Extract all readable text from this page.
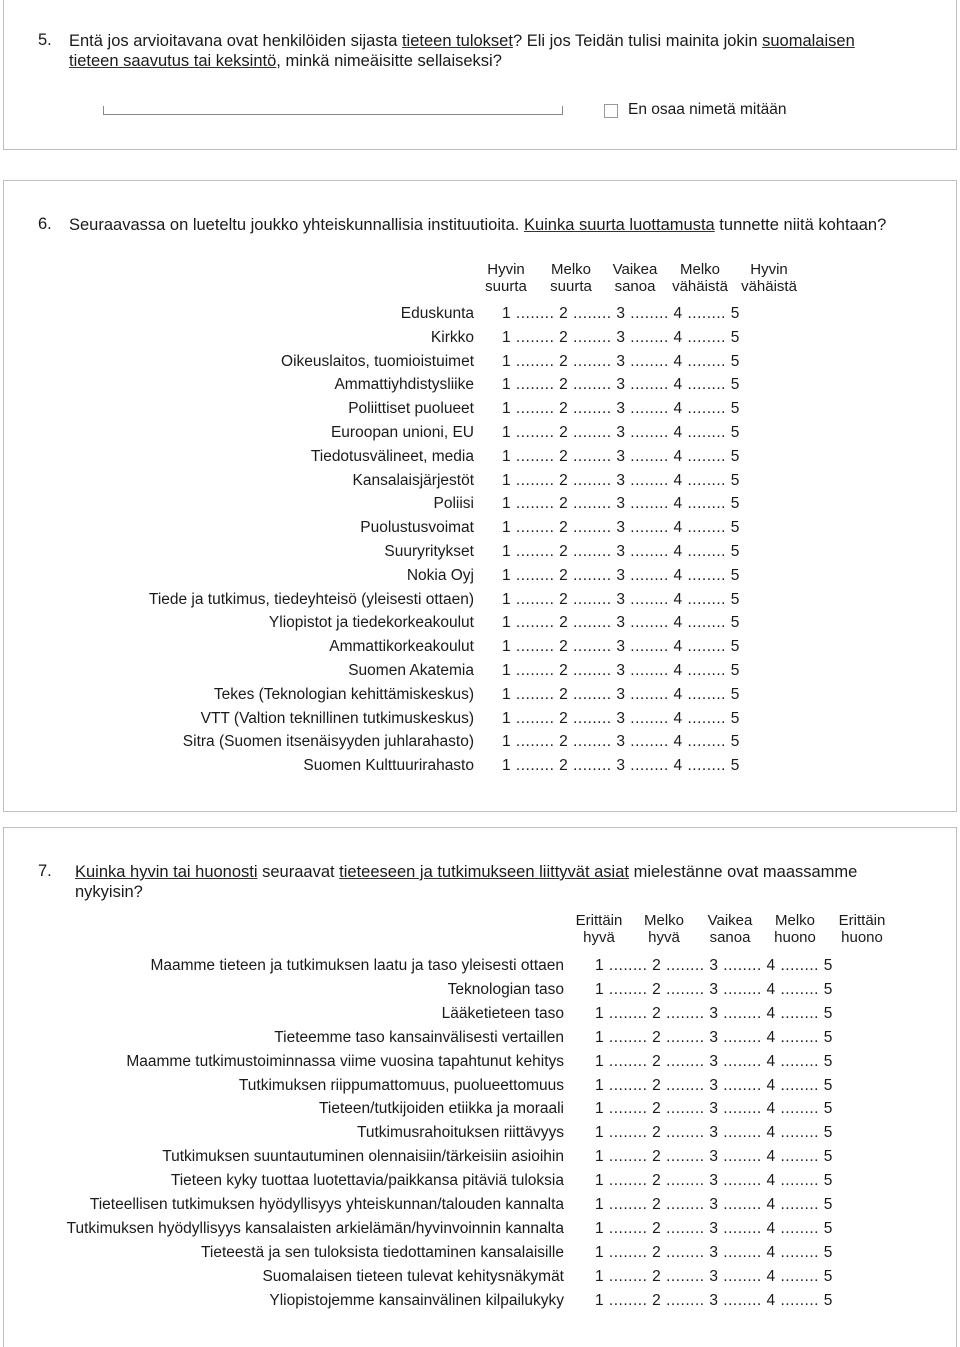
5. Entä jos arvioitavana ovat henkilöiden sijasta tieteen tulokset? Eli jos Teidän tulisi mainita jokin suomalaisen
tieteen saavutus tai keksintö, minkä nimeäisitte sellaiseksi?
En osaa nimetä mitään
6. Seuraavassa on lueteltu joukko yhteiskunnallisia instituutioita. Kuinka suurta luottamusta tunnette niitä kohtaan?
Hyvin
suurta
Melko
suurta
Vaikea
sanoa
Melko
vähäistä
Hyvin
vähäistä
Eduskunta 1 ........ 2 ........ 3 ........ 4 ........ 5
Kirkko 1 ........ 2 ........ 3 ........ 4 ........ 5
Oikeuslaitos, tuomioistuimet 1 ........ 2 ........ 3 ........ 4 ........ 5
Ammattiyhdistysliike 1 ........ 2 ........ 3 ........ 4 ........ 5
Poliittiset puolueet 1 ........ 2 ........ 3 ........ 4 ........ 5
Euroopan unioni, EU 1 ........ 2 ........ 3 ........ 4 ........ 5
Tiedotusvälineet, media 1 ........ 2 ........ 3 ........ 4 ........ 5
Kansalaisjärjestöt 1 ........ 2 ........ 3 ........ 4 ........ 5
Poliisi 1 ........ 2 ........ 3 ........ 4 ........ 5
Puolustusvoimat 1 ........ 2 ........ 3 ........ 4 ........ 5
Suuryritykset 1 ........ 2 ........ 3 ........ 4 ........ 5
Nokia Oyj 1 ........ 2 ........ 3 ........ 4 ........ 5
Tiede ja tutkimus, tiedeyhteisö (yleisesti ottaen) 1 ........ 2 ........ 3 ........ 4 ........ 5
Yliopistot ja tiedekorkeakoulut 1 ........ 2 ........ 3 ........ 4 ........ 5
Ammattikorkeakoulut 1 ........ 2 ........ 3 ........ 4 ........ 5
Suomen Akatemia 1 ........ 2 ........ 3 ........ 4 ........ 5
Tekes (Teknologian kehittämiskeskus) 1 ........ 2 ........ 3 ........ 4 ........ 5
VTT (Valtion teknillinen tutkimuskeskus) 1 ........ 2 ........ 3 ........ 4 ........ 5
Sitra (Suomen itsenäisyyden juhlarahasto) 1 ........ 2 ........ 3 ........ 4 ........ 5
Suomen Kulttuurirahasto 1 ........ 2 ........ 3 ........ 4 ........ 5
7. Kuinka hyvin tai huonosti seuraavat tieteeseen ja tutkimukseen liittyvät asiat mielestänne ovat maassamme
nykyisin?
Erittäin
hyvä
Melko
hyvä
Vaikea
sanoa
Melko
huono
Erittäin
huono
Maamme tieteen ja tutkimuksen laatu ja taso yleisesti ottaen 1 ........ 2 ........ 3 ........ 4 ........ 5
Teknologian taso 1 ........ 2 ........ 3 ........ 4 ........ 5
Lääketieteen taso 1 ........ 2 ........ 3 ........ 4 ........ 5
Tieteemme taso kansainvälisesti vertaillen 1 ........ 2 ........ 3 ........ 4 ........ 5
Maamme tutkimustoiminnassa viime vuosina tapahtunut kehitys 1 ........ 2 ........ 3 ........ 4 ........ 5
Tutkimuksen riippumattomuus, puolueettomuus 1 ........ 2 ........ 3 ........ 4 ........ 5
Tieteen/tutkijoiden etiikka ja moraali 1 ........ 2 ........ 3 ........ 4 ........ 5
Tutkimusrahoituksen riittävyys 1 ........ 2 ........ 3 ........ 4 ........ 5
Tutkimuksen suuntautuminen olennaisiin/tärkeisiin asioihin 1 ........ 2 ........ 3 ........ 4 ........ 5
Tieteen kyky tuottaa luotettavia/paikkansa pitäviä tuloksia 1 ........ 2 ........ 3 ........ 4 ........ 5
Tieteellisen tutkimuksen hyödyllisyys yhteiskunnan/talouden kannalta 1 ........ 2 ........ 3 ........ 4 ........ 5
Tutkimuksen hyödyllisyys kansalaisten arkielämän/hyvinvoinnin kannalta 1 ........ 2 ........ 3 ........ 4 ........ 5
Tieteestä ja sen tuloksista tiedottaminen kansalaisille 1 ........ 2 ........ 3 ........ 4 ........ 5
Suomalaisen tieteen tulevat kehitysnäkymät 1 ........ 2 ........ 3 ........ 4 ........ 5
Yliopistojemme kansainvälinen kilpailukyky 1 ........ 2 ........ 3 ........ 4 ........ 5
